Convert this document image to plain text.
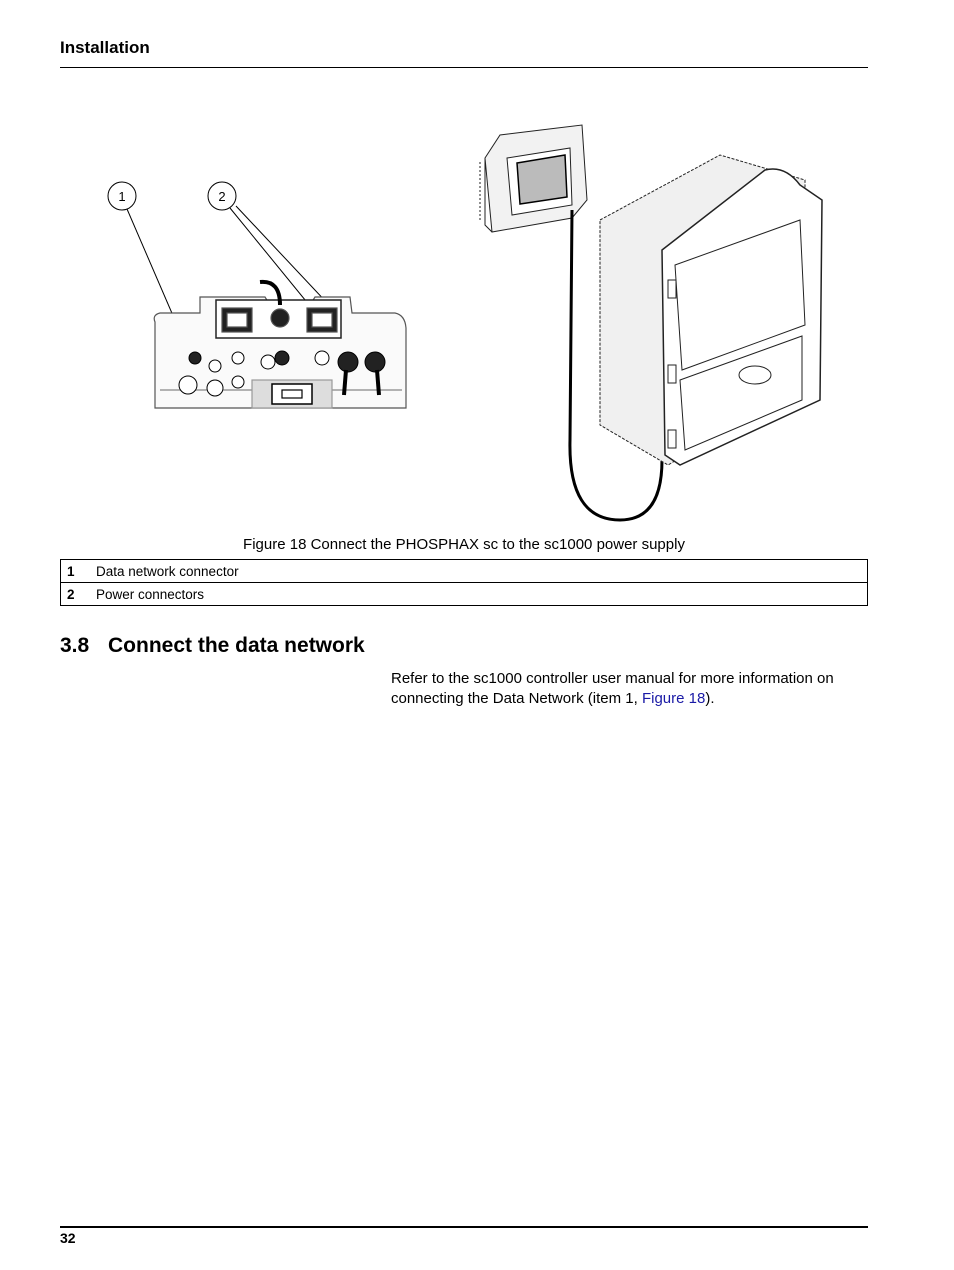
Installation
1	2
Figure 18 Connect the PHOSPHAX sc to the sc1000 power supply
1	Data network connector
2	Power connectors
3.8 Connect the data network
Refer to the sc1000 controller user manual for more information on connecting the Data Network (item 1, Figure 18).
32
